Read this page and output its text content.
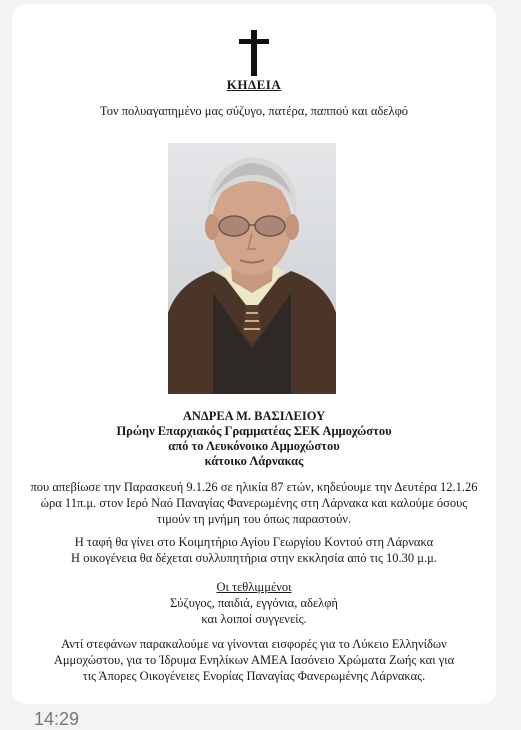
ΚΗΔΕΙΑ
Τον πολυαγαπημένο μας σύζυγο, πατέρα, παππού και αδελφό
ΑΝΔΡΕΑ Μ. ΒΑΣΙΛΕΙΟΥ
Πρώην Επαρχιακός Γραμματέας ΣΕΚ Αμμοχώστου
από το Λευκόνοικο Αμμοχώστου
κάτοικο Λάρνακας
που απεβίωσε την Παρασκευή 9.1.26 σε ηλικία 87 ετών, κηδεύουμε την Δευτέρα 12.1.26
ώρα 11π.μ. στον Ιερό Ναό Παναγίας Φανερωμένης στη Λάρνακα και καλούμε όσους
τιμούν τη μνήμη του όπως παραστούν.
Η ταφή θα γίνει στο Κοιμητήριο Αγίου Γεωργίου Κοντού στη Λάρνακα
Η οικογένεια θα δέχεται συλλυπητήρια στην εκκλησία από τις 10.30 μ.μ.
Οι τεθλιμμένοι
Σύζυγος, παιδιά, εγγόνια, αδελφή
και λοιποί συγγενείς.
Αντί στεφάνων παρακαλούμε να γίνονται εισφορές για το Λύκειο Ελληνίδων
Αμμοχώστου, για το Ίδρυμα Ενηλίκων ΑΜΕΑ Ιασόνειο Χρώματα Ζωής και για
τις Άπορες Οικογένειες Ενορίας Παναγίας Φανερωμένης Λάρνακας.
14:29
